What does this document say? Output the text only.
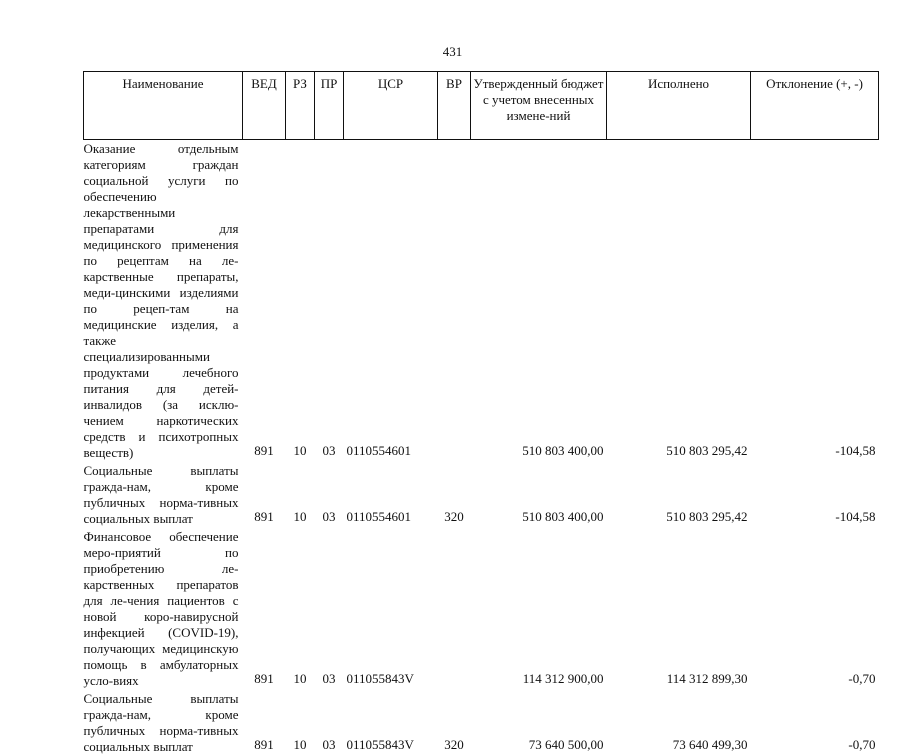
431
Наименование	ВЕД	РЗ	ПР	ЦСР	ВР	Утвержденный бюджет с учетом внесенных измене-ний	Исполнено	Отклонение (+, -)
Оказание отдельным категориям граждан социальной услуги по обеспечению лекарственными препаратами для медицинского применения по рецептам на ле-карственные препараты, меди-цинскими изделиями по рецеп-там на медицинские изделия, а также специализированными продуктами лечебного питания для детей-инвалидов (за исклю-чением наркотических средств и психотропных веществ)	891	10	03	0110554601		510 803 400,00	510 803 295,42	-104,58
Социальные выплаты гражда-нам, кроме публичных норма-тивных социальных выплат	891	10	03	0110554601	320	510 803 400,00	510 803 295,42	-104,58
Финансовое обеспечение меро-приятий по приобретению ле-карственных препаратов для ле-чения пациентов с новой коро-навирусной инфекцией (COVID-19), получающих медицинскую помощь в амбулаторных усло-виях	891	10	03	011055843V		114 312 900,00	114 312 899,30	-0,70
Социальные выплаты гражда-нам, кроме публичных норма-тивных социальных выплат	891	10	03	011055843V	320	73 640 500,00	73 640 499,30	-0,70
